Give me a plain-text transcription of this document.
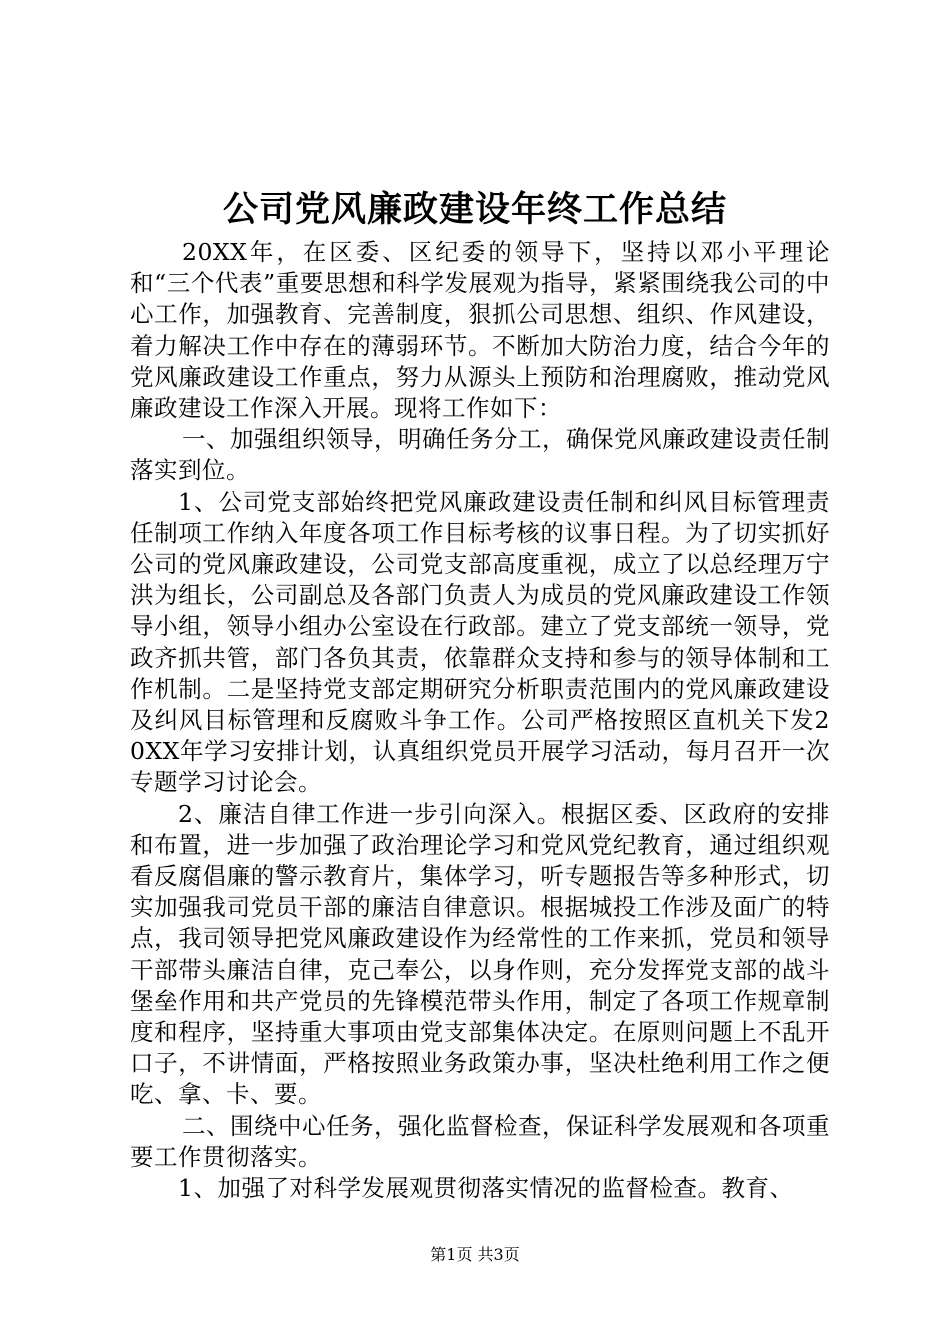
公司党风廉政建设年终工作总结

20XX年，在区委、区纪委的领导下，坚持以邓小平理论和“三个代表”重要思想和科学发展观为指导，紧紧围绕我公司的中心工作，加强教育、完善制度，狠抓公司思想、组织、作风建设，着力解决工作中存在的薄弱环节。不断加大防治力度，结合今年的党风廉政建设工作重点，努力从源头上预防和治理腐败，推动党风廉政建设工作深入开展。现将工作如下：

一、加强组织领导，明确任务分工，确保党风廉政建设责任制落实到位。

1、公司党支部始终把党风廉政建设责任制和纠风目标管理责任制项工作纳入年度各项工作目标考核的议事日程。为了切实抓好公司的党风廉政建设，公司党支部高度重视，成立了以总经理万宁洪为组长，公司副总及各部门负责人为成员的党风廉政建设工作领导小组，领导小组办公室设在行政部。建立了党支部统一领导，党政齐抓共管，部门各负其责，依靠群众支持和参与的领导体制和工作机制。二是坚持党支部定期研究分析职责范围内的党风廉政建设及纠风目标管理和反腐败斗争工作。公司严格按照区直机关下发20XX年学习安排计划，认真组织党员开展学习活动，每月召开一次专题学习讨论会。

2、廉洁自律工作进一步引向深入。根据区委、区政府的安排和布置，进一步加强了政治理论学习和党风党纪教育，通过组织观看反腐倡廉的警示教育片，集体学习，听专题报告等多种形式，切实加强我司党员干部的廉洁自律意识。根据城投工作涉及面广的特点，我司领导把党风廉政建设作为经常性的工作来抓，党员和领导干部带头廉洁自律，克己奉公，以身作则，充分发挥党支部的战斗堡垒作用和共产党员的先锋模范带头作用，制定了各项工作规章制度和程序，坚持重大事项由党支部集体决定。在原则问题上不乱开口子，不讲情面，严格按照业务政策办事，坚决杜绝利用工作之便吃、拿、卡、要。

二、围绕中心任务，强化监督检查，保证科学发展观和各项重要工作贯彻落实。

1、加强了对科学发展观贯彻落实情况的监督检查。教育、

第1页 共3页
